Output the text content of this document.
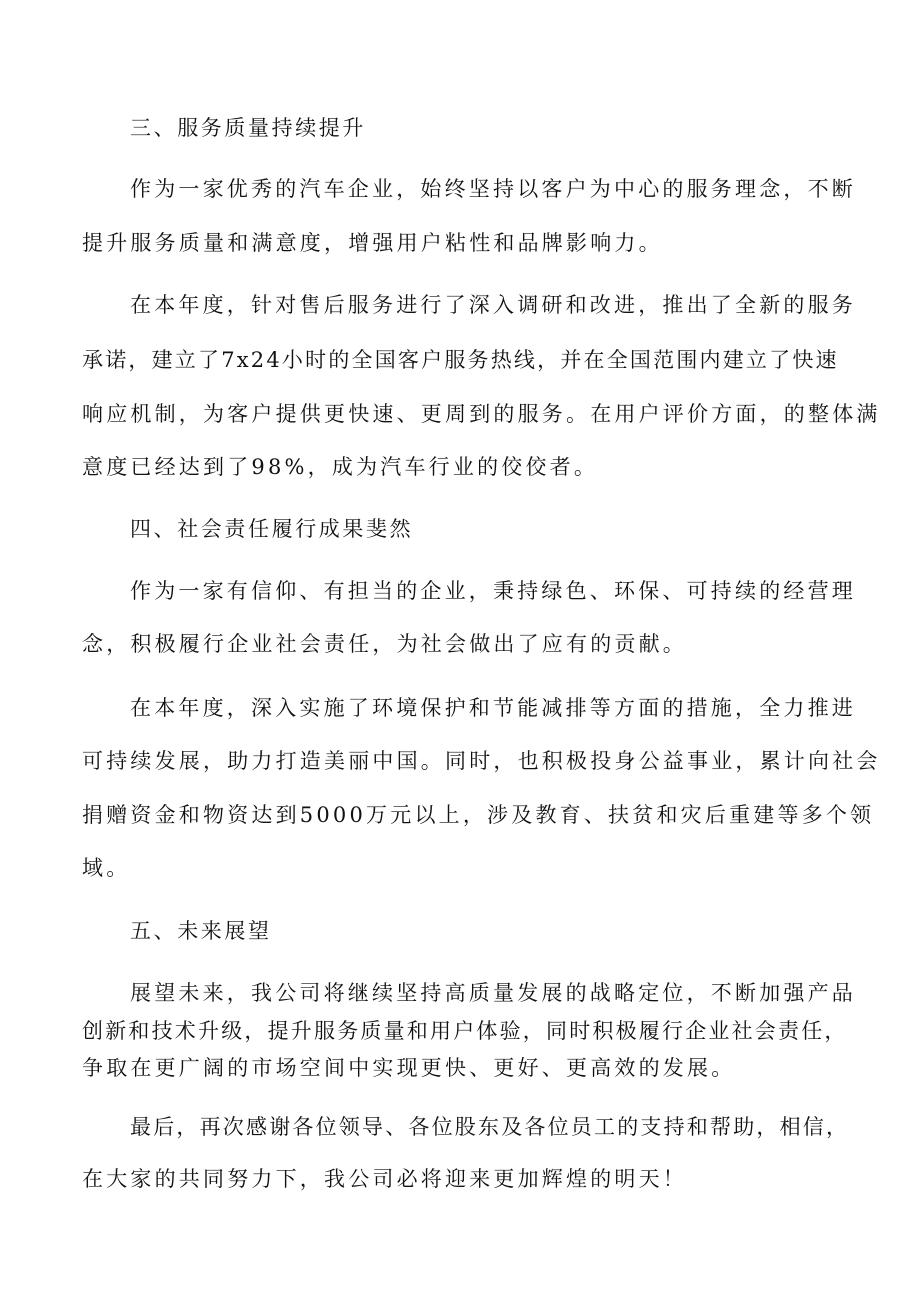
三、服务质量持续提升
作为一家优秀的汽车企业，始终坚持以客户为中心的服务理念，不断
提升服务质量和满意度，增强用户粘性和品牌影响力。
在本年度，针对售后服务进行了深入调研和改进，推出了全新的服务
承诺，建立了7x24小时的全国客户服务热线，并在全国范围内建立了快速
响应机制，为客户提供更快速、更周到的服务。在用户评价方面，的整体满
意度已经达到了98%，成为汽车行业的佼佼者。
四、社会责任履行成果斐然
作为一家有信仰、有担当的企业，秉持绿色、环保、可持续的经营理
念，积极履行企业社会责任，为社会做出了应有的贡献。
在本年度，深入实施了环境保护和节能减排等方面的措施，全力推进
可持续发展，助力打造美丽中国。同时，也积极投身公益事业，累计向社会
捐赠资金和物资达到5000万元以上，涉及教育、扶贫和灾后重建等多个领
域。
五、未来展望
展望未来，我公司将继续坚持高质量发展的战略定位，不断加强产品
创新和技术升级，提升服务质量和用户体验，同时积极履行企业社会责任，
争取在更广阔的市场空间中实现更快、更好、更高效的发展。
最后，再次感谢各位领导、各位股东及各位员工的支持和帮助，相信，
在大家的共同努力下，我公司必将迎来更加辉煌的明天！
